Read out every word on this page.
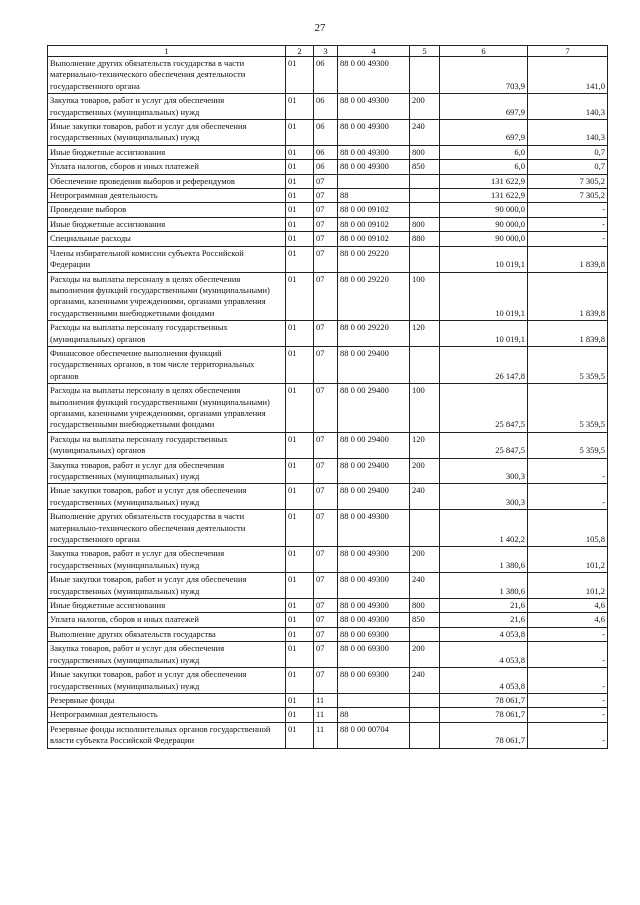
27
1	2	3	4	5	6	7
Выполнение других обязательств государства в части материально-технического обеспечения деятельности государственного органа	01	06	88 0 00 49300		703,9	141,0
Закупка товаров, работ и услуг для обеспечения государственных (муниципальных) нужд	01	06	88 0 00 49300	200	697,9	140,3
Иные закупки товаров, работ и услуг для обеспечения государственных (муниципальных) нужд	01	06	88 0 00 49300	240	697,9	140,3
Иные бюджетные ассигнования	01	06	88 0 00 49300	800	6,0	0,7
Уплата налогов, сборов и иных платежей	01	06	88 0 00 49300	850	6,0	0,7
Обеспечение проведения выборов и референдумов	01	07			131 622,9	7 305,2
Непрограммная деятельность	01	07	88		131 622,9	7 305,2
Проведение выборов	01	07	88 0 00 09102		90 000,0	-
Иные бюджетные ассигнования	01	07	88 0 00 09102	800	90 000,0	-
Специальные расходы	01	07	88 0 00 09102	880	90 000,0	-
Члены избирательной комиссии субъекта Российской Федерации	01	07	88 0 00 29220		10 019,1	1 839,8
Расходы на выплаты персоналу в целях обеспечения выполнения функций государственными (муниципальными) органами, казенными учреждениями, органами управления государственными внебюджетными фондами	01	07	88 0 00 29220	100	10 019,1	1 839,8
Расходы на выплаты персоналу государственных (муниципальных) органов	01	07	88 0 00 29220	120	10 019,1	1 839,8
Финансовое обеспечение выполнения функций государственных органов, в том числе территориальных органов	01	07	88 0 00 29400		26 147,8	5 359,5
Расходы на выплаты персоналу в целях обеспечения выполнения функций государственными (муниципальными) органами, казенными учреждениями, органами управления государственными внебюджетными фондами	01	07	88 0 00 29400	100	25 847,5	5 359,5
Расходы на выплаты персоналу государственных (муниципальных) органов	01	07	88 0 00 29400	120	25 847,5	5 359,5
Закупка товаров, работ и услуг для обеспечения государственных (муниципальных) нужд	01	07	88 0 00 29400	200	300,3	-
Иные закупки товаров, работ и услуг для обеспечения государственных (муниципальных) нужд	01	07	88 0 00 29400	240	300,3	-
Выполнение других обязательств государства в части материально-технического обеспечения деятельности государственного органа	01	07	88 0 00 49300		1 402,2	105,8
Закупка товаров, работ и услуг для обеспечения государственных (муниципальных) нужд	01	07	88 0 00 49300	200	1 380,6	101,2
Иные закупки товаров, работ и услуг для обеспечения государственных (муниципальных) нужд	01	07	88 0 00 49300	240	1 380,6	101,2
Иные бюджетные ассигнования	01	07	88 0 00 49300	800	21,6	4,6
Уплата налогов, сборов и иных платежей	01	07	88 0 00 49300	850	21,6	4,6
Выполнение других обязательств государства	01	07	88 0 00 69300		4 053,8	-
Закупка товаров, работ и услуг для обеспечения государственных (муниципальных) нужд	01	07	88 0 00 69300	200	4 053,8	-
Иные закупки товаров, работ и услуг для обеспечения государственных (муниципальных) нужд	01	07	88 0 00 69300	240	4 053,8	-
Резервные фонды	01	11			78 061,7	-
Непрограммная деятельность	01	11	88		78 061,7	-
Резервные фонды исполнительных органов государственной власти субъекта Российской Федерации	01	11	88 0 00 00704		78 061,7	-
